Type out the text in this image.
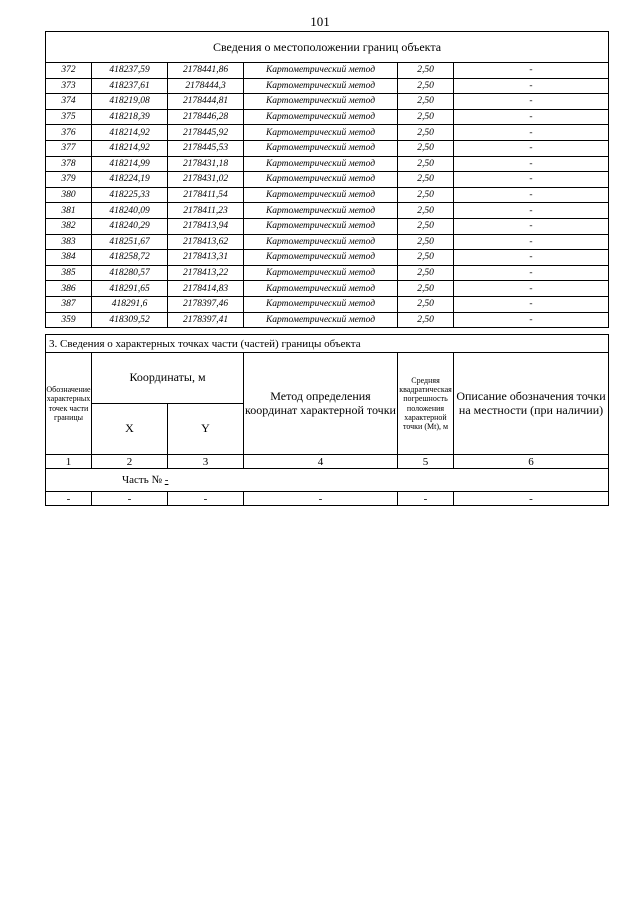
101
Сведения о местоположении границ объекта					
372	418237,59	2178441,86	Картометрический метод	2,50	-
373	418237,61	2178444,3	Картометрический метод	2,50	-
374	418219,08	2178444,81	Картометрический метод	2,50	-
375	418218,39	2178446,28	Картометрический метод	2,50	-
376	418214,92	2178445,92	Картометрический метод	2,50	-
377	418214,92	2178445,53	Картометрический метод	2,50	-
378	418214,99	2178431,18	Картометрический метод	2,50	-
379	418224,19	2178431,02	Картометрический метод	2,50	-
380	418225,33	2178411,54	Картометрический метод	2,50	-
381	418240,09	2178411,23	Картометрический метод	2,50	-
382	418240,29	2178413,94	Картометрический метод	2,50	-
383	418251,67	2178413,62	Картометрический метод	2,50	-
384	418258,72	2178413,31	Картометрический метод	2,50	-
385	418280,57	2178413,22	Картометрический метод	2,50	-
386	418291,65	2178414,83	Картометрический метод	2,50	-
387	418291,6	2178397,46	Картометрический метод	2,50	-
359	418309,52	2178397,41	Картометрический метод	2,50	-
3. Сведения о характерных точках части (частей) границы объекта					
Обозначение характерных точек части границы	Координаты, м		Метод определения координат характерной точки	Средняя квадратическая погрешность положения характерной точки (Mt), м	Описание обозначения точки на местности (при наличии)
	X	Y			
1	2	3	4	5	6
Часть № -					
-	-	-	-	-	-
